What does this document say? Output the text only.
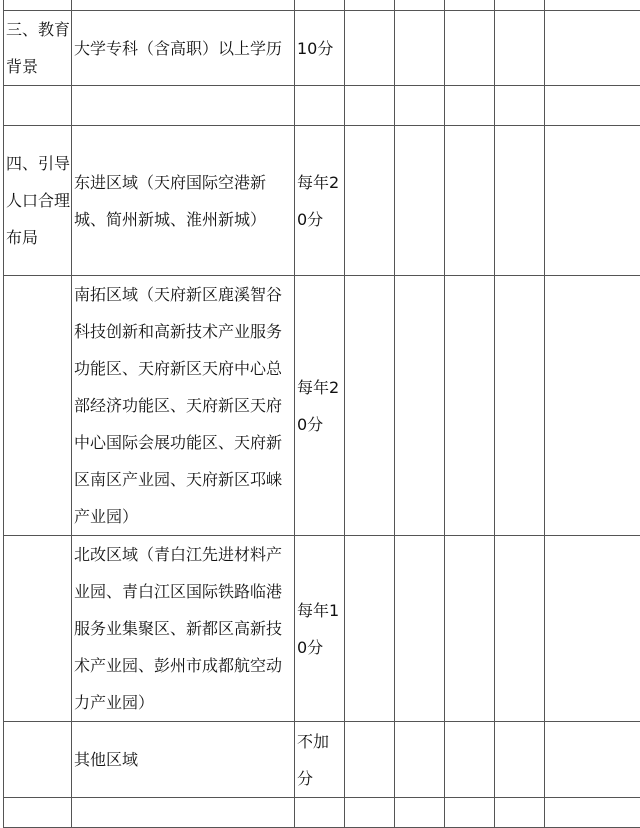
三、教育背景	大学专科（含高职）以上学历	10分					

四、引导人口合理布局	东进区域（天府国际空港新城、简州新城、淮州新城）	每年20分					
	南拓区域（天府新区鹿溪智谷科技创新和高新技术产业服务功能区、天府新区天府中心总部经济功能区、天府新区天府中心国际会展功能区、天府新区南区产业园、天府新区邛崃产业园）	每年20分					
	北改区域（青白江先进材料产业园、青白江区国际铁路临港服务业集聚区、新都区高新技术产业园、彭州市成都航空动力产业园）	每年10分					
	其他区域	不加分					
